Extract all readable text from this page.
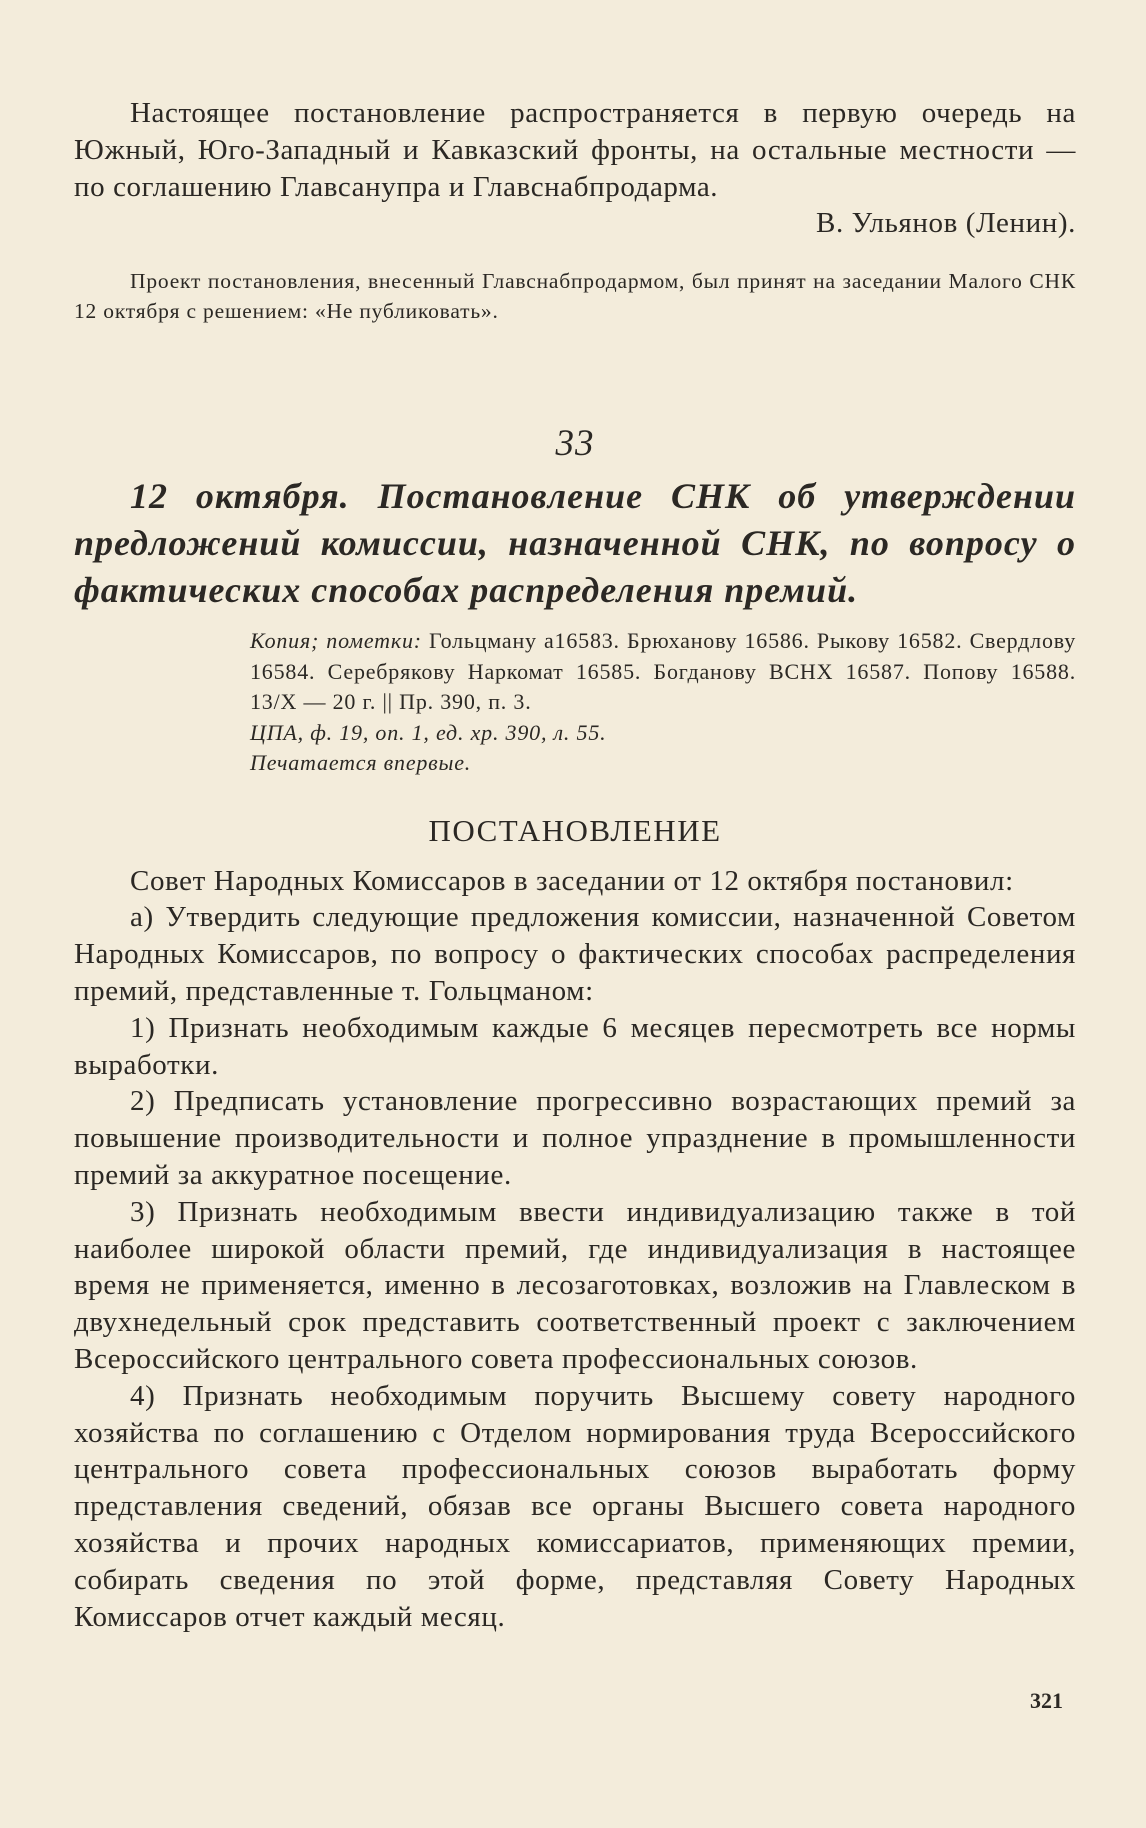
Настоящее постановление распространяется в первую очередь на Южный, Юго-Западный и Кавказский фронты, на остальные местности — по соглашению Главсанупра и Главснабпродарма.

В. Ульянов (Ленин).

Проект постановления, внесенный Главснабпродармом, был принят на заседании Малого СНК 12 октября с решением: «Не публиковать».

33

12 октября. Постановление СНК об утверждении предложений комиссии, назначенной СНК, по вопросу о фактических способах распределения премий.

Копия; пометки: Гольцману a16583. Брюханову 16586. Рыкову 16582. Свердлову 16584. Серебрякову Наркомат 16585. Богданову ВСНХ 16587. Попову 16588. 13/X — 20 г. || Пр. 390, п. 3.

ЦПА, ф. 19, оп. 1, ед. хр. 390, л. 55.

Печатается впервые.

ПОСТАНОВЛЕНИЕ

Совет Народных Комиссаров в заседании от 12 октября постановил:

а) Утвердить следующие предложения комиссии, назначенной Советом Народных Комиссаров, по вопросу о фактических способах распределения премий, представленные т. Гольцманом:

1) Признать необходимым каждые 6 месяцев пересмотреть все нормы выработки.

2) Предписать установление прогрессивно возрастающих премий за повышение производительности и полное упразднение в промышленности премий за аккуратное посещение.

3) Признать необходимым ввести индивидуализацию также в той наиболее широкой области премий, где индивидуализация в настоящее время не применяется, именно в лесозаготовках, возложив на Главлеском в двухнедельный срок представить соответственный проект с заключением Всероссийского центрального совета профессиональных союзов.

4) Признать необходимым поручить Высшему совету народного хозяйства по соглашению с Отделом нормирования труда Всероссийского центрального совета профессиональных союзов выработать форму представления сведений, обязав все органы Высшего совета народного хозяйства и прочих народных комиссариатов, применяющих премии, собирать сведения по этой форме, представляя Совету Народных Комиссаров отчет каждый месяц.

321
